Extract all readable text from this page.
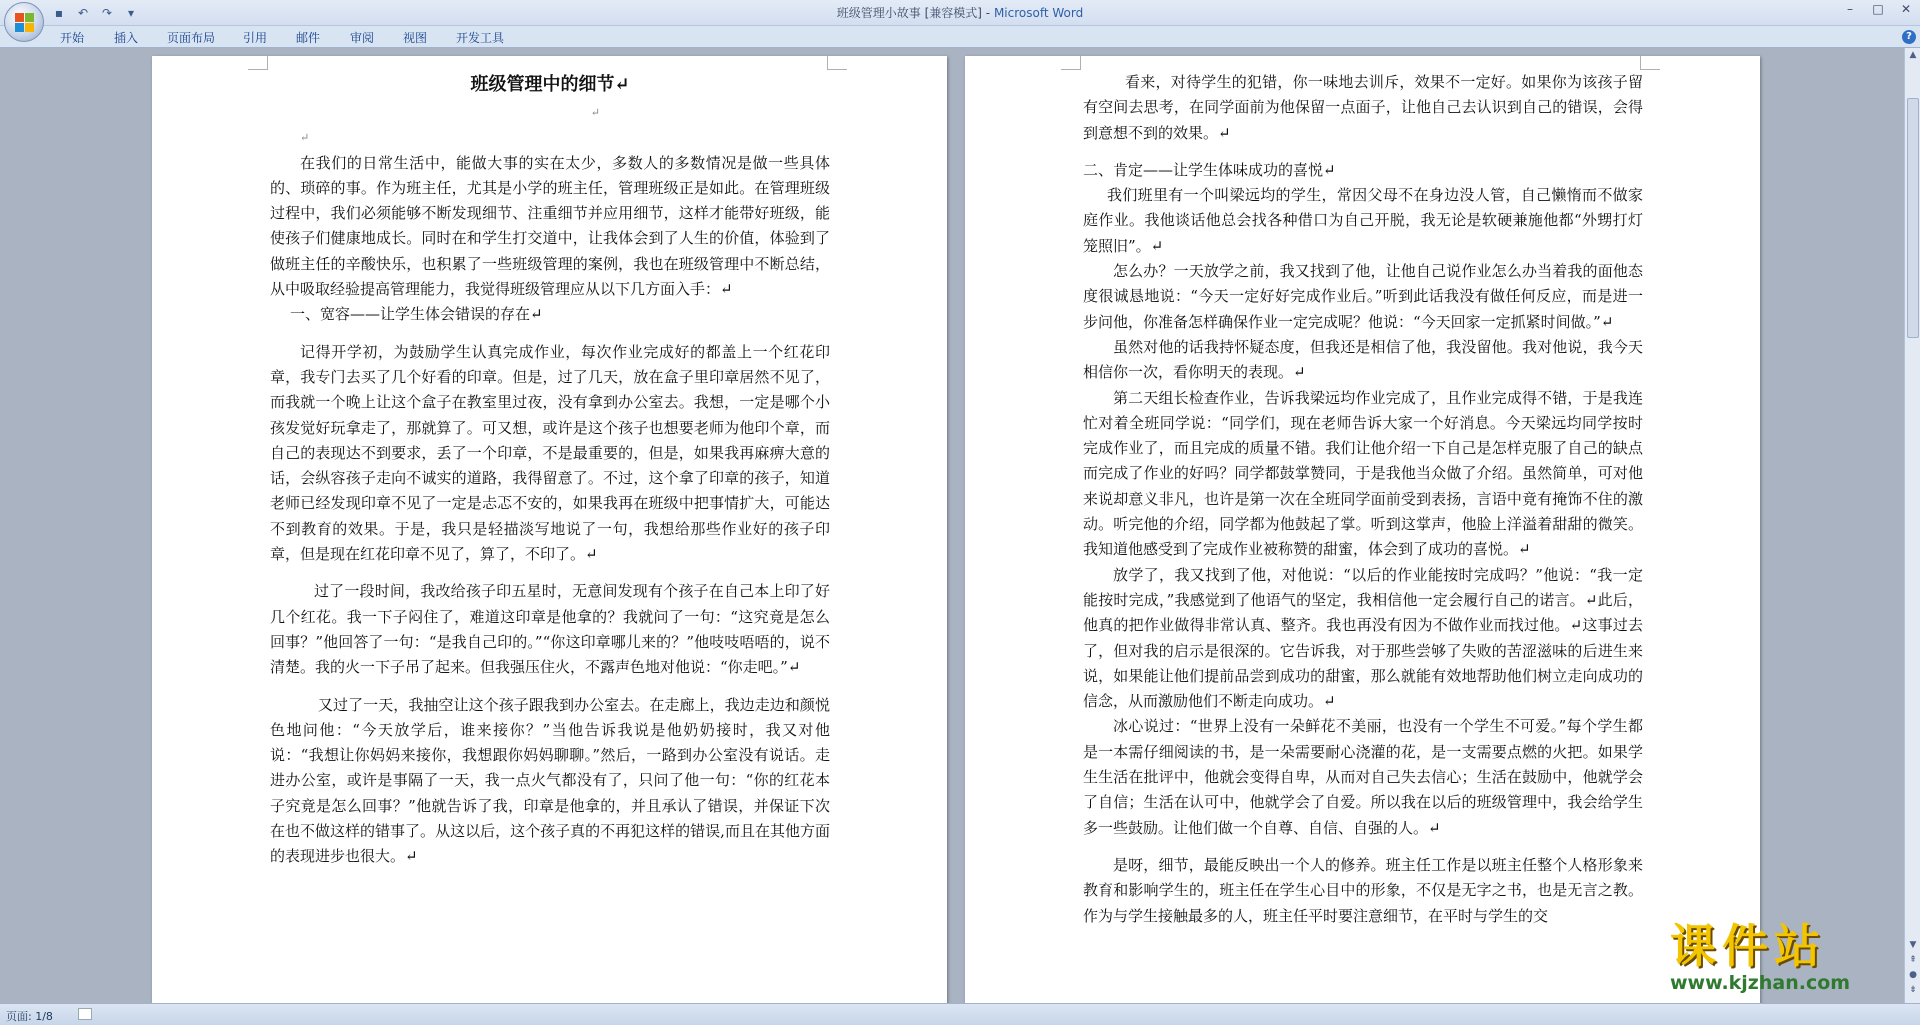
▪	↶	↷	▾	班级管理小故事 [兼容模式] - Microsoft Word	–	□	✕
开始 插入 页面布局 引用 邮件 审阅 视图 开发工具	?

班级管理中的细节↵

↵

↵

在我们的日常生活中，能做大事的实在太少，多数人的多数情况是做一些具体的、琐碎的事。作为班主任，尤其是小学的班主任，管理班级正是如此。在管理班级过程中，我们必须能够不断发现细节、注重细节并应用细节，这样才能带好班级，能使孩子们健康地成长。同时在和学生打交道中，让我体会到了人生的价值，体验到了做班主任的辛酸快乐，也积累了一些班级管理的案例，我也在班级管理中不断总结，从中吸取经验提高管理能力，我觉得班级管理应从以下几方面入手：↵

一、宽容——让学生体会错误的存在↵

记得开学初，为鼓励学生认真完成作业，每次作业完成好的都盖上一个红花印章，我专门去买了几个好看的印章。但是，过了几天，放在盒子里印章居然不见了，而我就一个晚上让这个盒子在教室里过夜，没有拿到办公室去。我想，一定是哪个小孩发觉好玩拿走了，那就算了。可又想，或许是这个孩子也想要老师为他印个章，而自己的表现达不到要求，丢了一个印章，不是最重要的，但是，如果我再麻痹大意的话，会纵容孩子走向不诚实的道路，我得留意了。不过，这个拿了印章的孩子，知道老师已经发现印章不见了一定是忐忑不安的，如果我再在班级中把事情扩大，可能达不到教育的效果。于是，我只是轻描淡写地说了一句，我想给那些作业好的孩子印章，但是现在红花印章不见了，算了，不印了。↵

过了一段时间，我改给孩子印五星时，无意间发现有个孩子在自己本上印了好几个红花。我一下子闷住了，难道这印章是他拿的？我就问了一句：“这究竟是怎么回事？”他回答了一句：“是我自己印的。”“你这印章哪儿来的？”他吱吱唔唔的，说不清楚。我的火一下子吊了起来。但我强压住火，不露声色地对他说：“你走吧。”↵

又过了一天，我抽空让这个孩子跟我到办公室去。在走廊上，我边走边和颜悦色地问他：“今天放学后，谁来接你？”当他告诉我说是他奶奶接时，我又对他说：“我想让你妈妈来接你，我想跟你妈妈聊聊。”然后，一路到办公室没有说话。走进办公室，或许是事隔了一天，我一点火气都没有了，只问了他一句：“你的红花本子究竟是怎么回事？”他就告诉了我，印章是他拿的，并且承认了错误，并保证下次在也不做这样的错事了。从这以后，这个孩子真的不再犯这样的错误,而且在其他方面的表现进步也很大。↵

看来，对待学生的犯错，你一味地去训斥，效果不一定好。如果你为该孩子留有空间去思考，在同学面前为他保留一点面子，让他自己去认识到自己的错误，会得到意想不到的效果。↵

二、肯定——让学生体味成功的喜悦↵

我们班里有一个叫梁远均的学生，常因父母不在身边没人管，自己懒惰而不做家庭作业。我他谈话他总会找各种借口为自己开脱，我无论是软硬兼施他都“外甥打灯笼照旧”。↵

怎么办？一天放学之前，我又找到了他，让他自己说作业怎么办当着我的面他态度很诚恳地说：“今天一定好好完成作业后。”听到此话我没有做任何反应，而是进一步问他，你准备怎样确保作业一定完成呢？他说：“今天回家一定抓紧时间做。”↵

虽然对他的话我持怀疑态度，但我还是相信了他，我没留他。我对他说，我今天相信你一次，看你明天的表现。↵

第二天组长检查作业，告诉我梁远均作业完成了，且作业完成得不错，于是我连忙对着全班同学说：“同学们，现在老师告诉大家一个好消息。今天梁远均同学按时完成作业了，而且完成的质量不错。我们让他介绍一下自己是怎样克服了自己的缺点而完成了作业的好吗？同学都鼓掌赞同，于是我他当众做了介绍。虽然简单，可对他来说却意义非凡，也许是第一次在全班同学面前受到表扬，言语中竟有掩饰不住的激动。听完他的介绍，同学都为他鼓起了掌。听到这掌声，他脸上洋溢着甜甜的微笑。我知道他感受到了完成作业被称赞的甜蜜，体会到了成功的喜悦。↵

放学了，我又找到了他，对他说：“以后的作业能按时完成吗？”他说：“我一定能按时完成，”我感觉到了他语气的坚定，我相信他一定会履行自己的诺言。↵此后，他真的把作业做得非常认真、整齐。我也再没有因为不做作业而找过他。↵这事过去了，但对我的启示是很深的。它告诉我，对于那些尝够了失败的苦涩滋味的后进生来说，如果能让他们提前品尝到成功的甜蜜，那么就能有效地帮助他们树立走向成功的信念，从而激励他们不断走向成功。↵

冰心说过：“世界上没有一朵鲜花不美丽，也没有一个学生不可爱。”每个学生都是一本需仔细阅读的书，是一朵需要耐心浇灌的花，是一支需要点燃的火把。如果学生生活在批评中，他就会变得自卑，从而对自己失去信心；生活在鼓励中，他就学会了自信；生活在认可中，他就学会了自爱。所以我在以后的班级管理中，我会给学生多一些鼓励。让他们做一个自尊、自信、自强的人。↵

是呀，细节，最能反映出一个人的修养。班主任工作是以班主任整个人格形象来教育和影响学生的，班主任在学生心目中的形象，不仅是无字之书，也是无言之教。作为与学生接触最多的人，班主任平时要注意细节，在平时与学生的交

▲
▼
⇞
●
⇟
课件站
www.kjzhan.com
页面: 1/8
